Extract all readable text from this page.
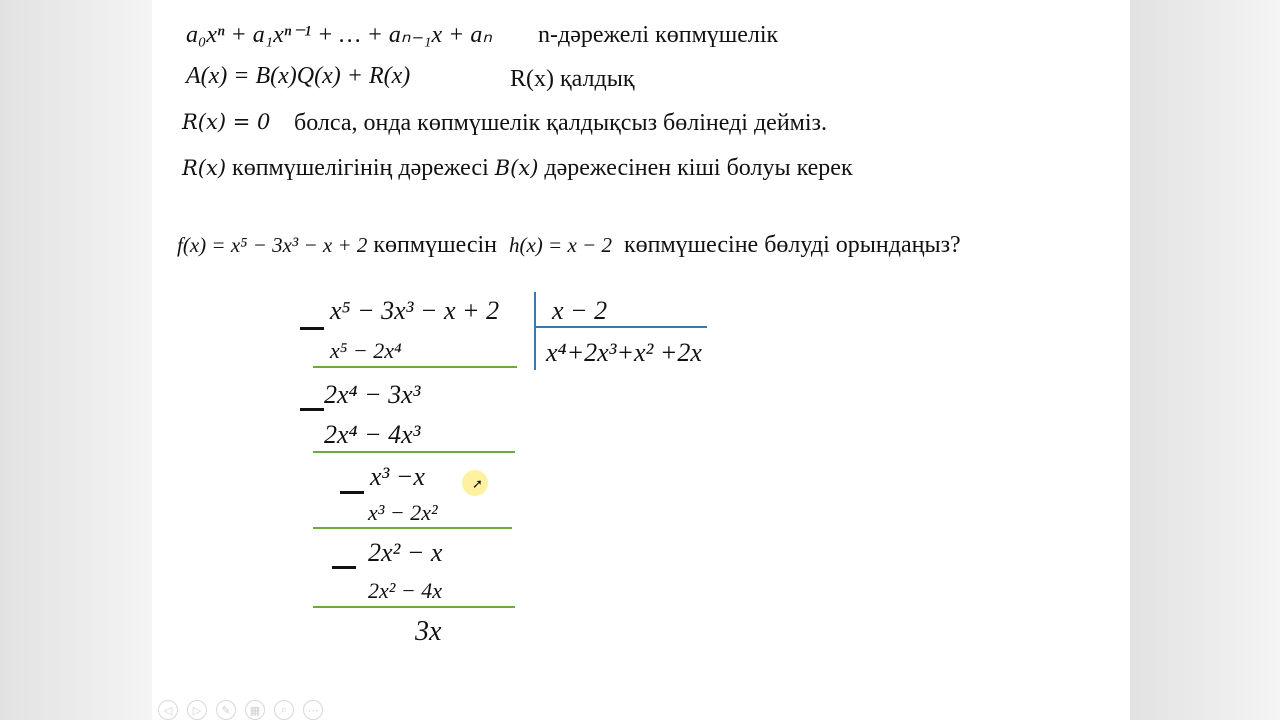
a₀xⁿ + a₁xⁿ⁻¹ + … + aₙ₋₁x + aₙ n-дəрежелі көпмүшелік
A(x) = B(x)Q(x) + R(x)	R(x) қалдық
R(x) = 0 болса, онда көпмүшелік қалдықсыз бөлінеді дейміз.
R(x) көпмүшелігінің дəрежесі B(x) дəрежесінен кіші болуы керек
f(x) = x⁵ − 3x³ − x + 2 көпмүшесін h(x) = x − 2 көпмүшесіне бөлуді орындаңыз?
x⁵ − 3x³ − x + 2 x − 2
x⁴+2x³+x² +2x
x⁵ − 2x⁴
2x⁴ − 3x³
2x⁴ − 4x³
x³ −x
x³ − 2x²
2x² − x
2x² − 4x
3x
➚
◁	▷	✎	▦	⌕	⋯
